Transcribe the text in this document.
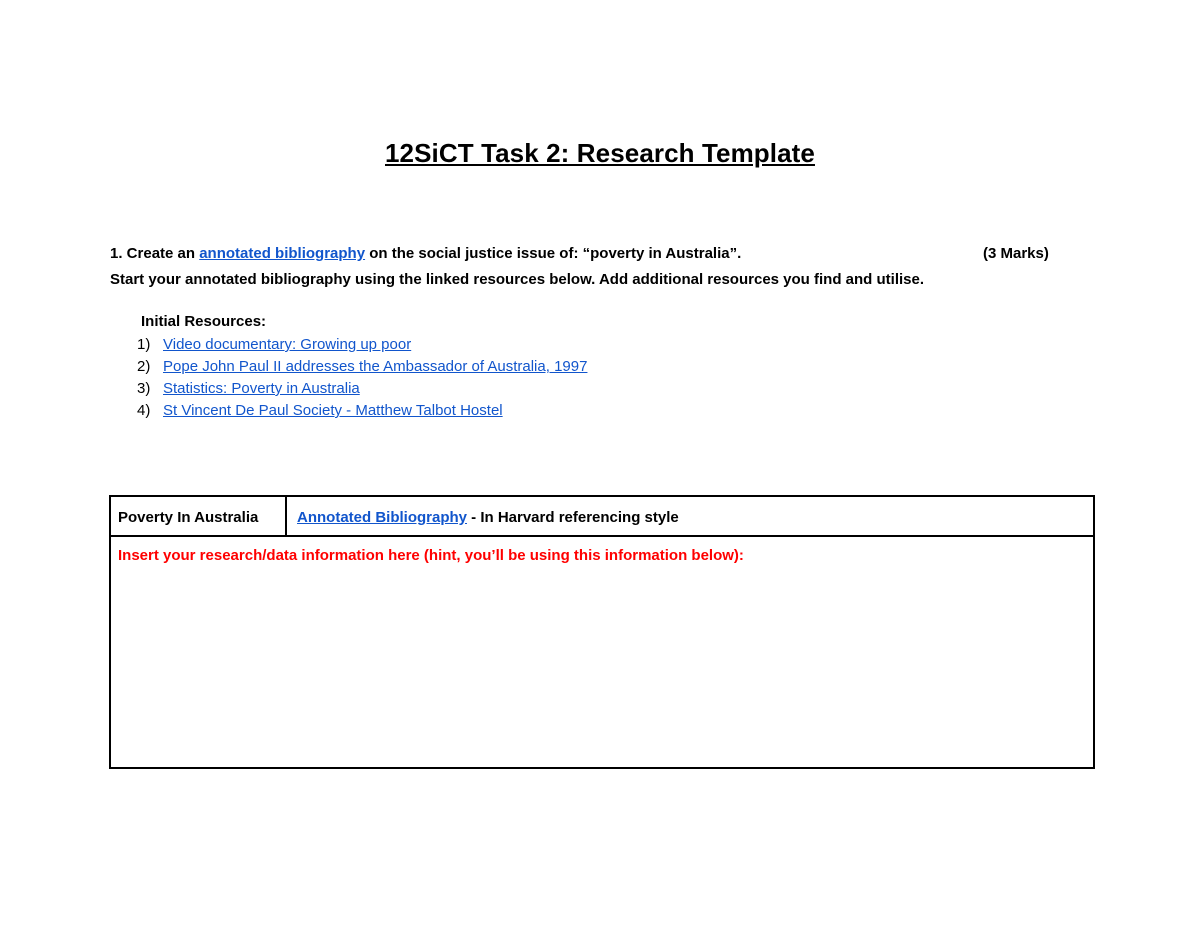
12SiCT Task 2: Research Template
1. Create an annotated bibliography on the social justice issue of: “poverty in Australia”.	(3 Marks)
Start your annotated bibliography using the linked resources below. Add additional resources you find and utilise.
Initial Resources:
1) Video documentary: Growing up poor
2) Pope John Paul II addresses the Ambassador of Australia, 1997
3) Statistics: Poverty in Australia
4) St Vincent De Paul Society - Matthew Talbot Hostel
Poverty In Australia	Annotated Bibliography - In Harvard referencing style
Insert your research/data information here (hint, you’ll be using this information below):
